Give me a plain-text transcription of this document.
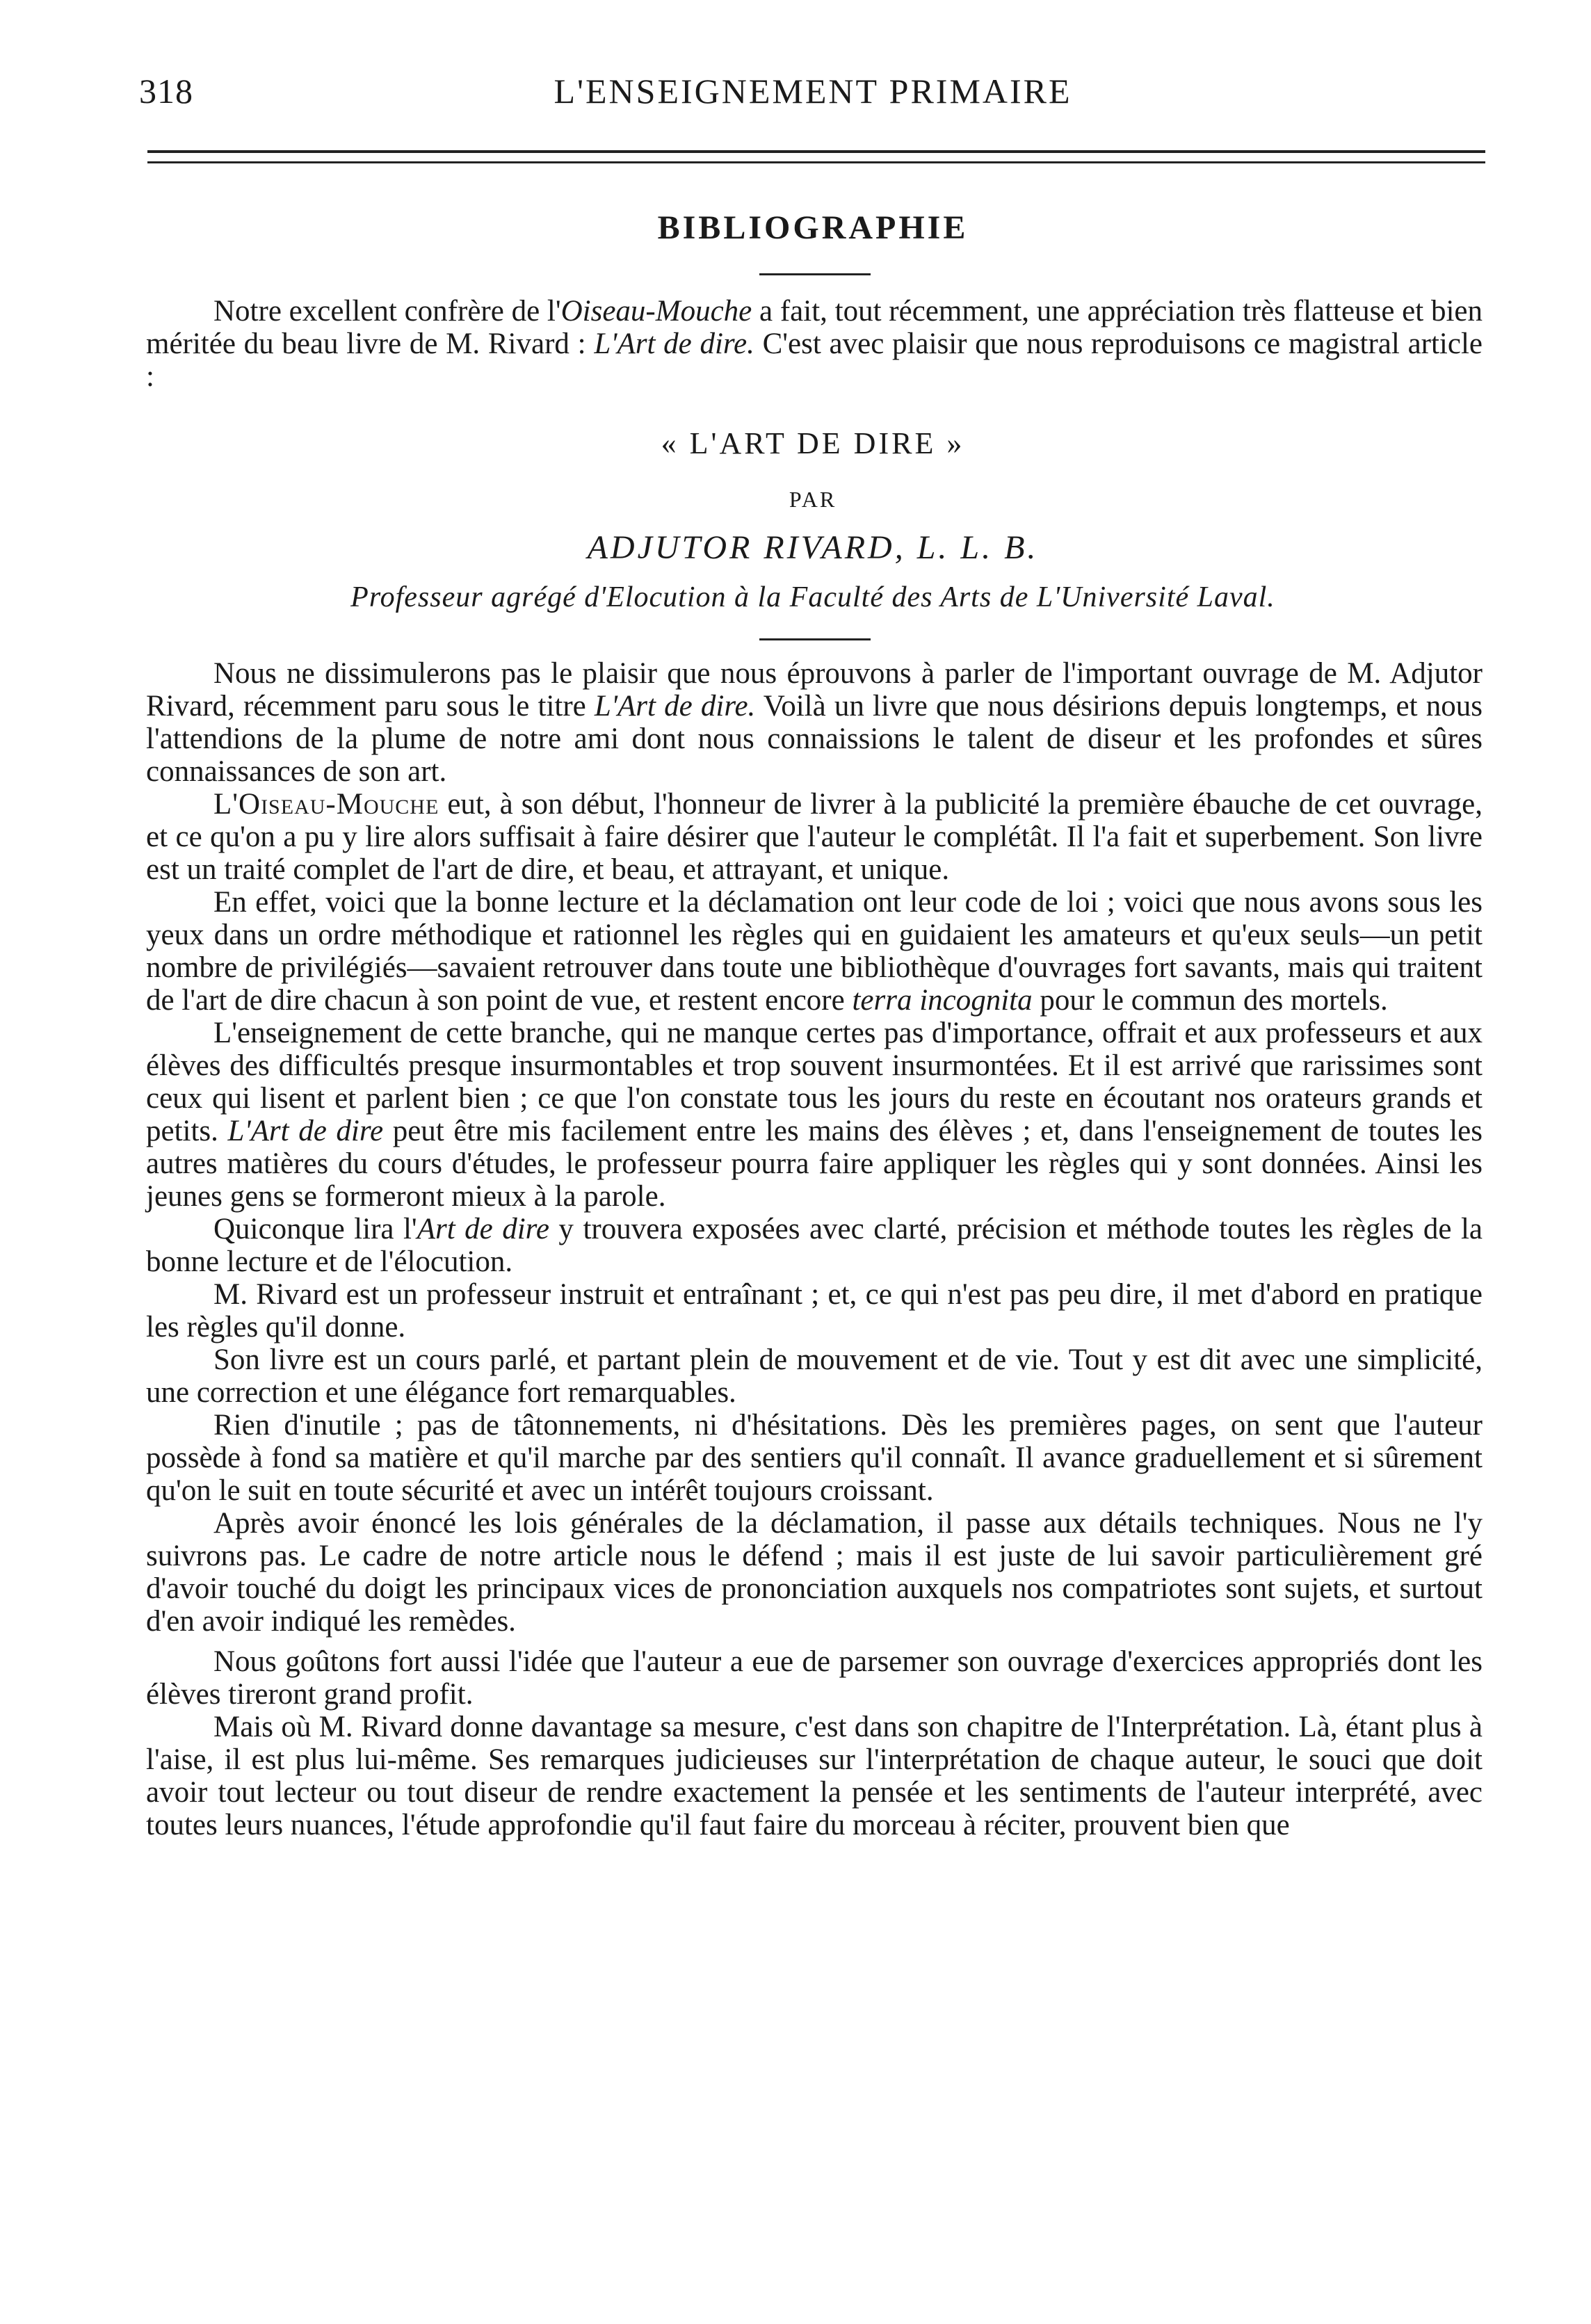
318	L'ENSEIGNEMENT PRIMAIRE
BIBLIOGRAPHIE

Notre excellent confrère de l'Oiseau-Mouche a fait, tout récemment, une appréciation très flatteuse et bien méritée du beau livre de M. Rivard : L'Art de dire. C'est avec plaisir que nous reproduisons ce magistral article :

« L'ART DE DIRE »
PAR
ADJUTOR RIVARD, L. L. B.
Professeur agrégé d'Elocution à la Faculté des Arts de L'Université Laval.

Nous ne dissimulerons pas le plaisir que nous éprouvons à parler de l'important ouvrage de M. Adjutor Rivard, récemment paru sous le titre L'Art de dire. Voilà un livre que nous désirions depuis longtemps, et nous l'attendions de la plume de notre ami dont nous connaissions le talent de diseur et les profondes et sûres connaissances de son art.

L'Oiseau-Mouche eut, à son début, l'honneur de livrer à la publicité la première ébauche de cet ouvrage, et ce qu'on a pu y lire alors suffisait à faire désirer que l'auteur le complétât. Il l'a fait et superbement. Son livre est un traité complet de l'art de dire, et beau, et attrayant, et unique.

En effet, voici que la bonne lecture et la déclamation ont leur code de loi ; voici que nous avons sous les yeux dans un ordre méthodique et rationnel les règles qui en guidaient les amateurs et qu'eux seuls—un petit nombre de privilégiés—savaient retrouver dans toute une bibliothèque d'ouvrages fort savants, mais qui traitent de l'art de dire chacun à son point de vue, et restent encore terra incognita pour le commun des mortels.

L'enseignement de cette branche, qui ne manque certes pas d'importance, offrait et aux professeurs et aux élèves des difficultés presque insurmontables et trop souvent insurmontées. Et il est arrivé que rarissimes sont ceux qui lisent et parlent bien ; ce que l'on constate tous les jours du reste en écoutant nos orateurs grands et petits. L'Art de dire peut être mis facilement entre les mains des élèves ; et, dans l'enseignement de toutes les autres matières du cours d'études, le professeur pourra faire appliquer les règles qui y sont données. Ainsi les jeunes gens se formeront mieux à la parole.

Quiconque lira l'Art de dire y trouvera exposées avec clarté, précision et méthode toutes les règles de la bonne lecture et de l'élocution.

M. Rivard est un professeur instruit et entraînant ; et, ce qui n'est pas peu dire, il met d'abord en pratique les règles qu'il donne.

Son livre est un cours parlé, et partant plein de mouvement et de vie. Tout y est dit avec une simplicité, une correction et une élégance fort remarquables.

Rien d'inutile ; pas de tâtonnements, ni d'hésitations. Dès les premières pages, on sent que l'auteur possède à fond sa matière et qu'il marche par des sentiers qu'il connaît. Il avance graduellement et si sûrement qu'on le suit en toute sécurité et avec un intérêt toujours croissant.

Après avoir énoncé les lois générales de la déclamation, il passe aux détails techniques. Nous ne l'y suivrons pas. Le cadre de notre article nous le défend ; mais il est juste de lui savoir particulièrement gré d'avoir touché du doigt les principaux vices de prononciation auxquels nos compatriotes sont sujets, et surtout d'en avoir indiqué les remèdes.

Nous goûtons fort aussi l'idée que l'auteur a eue de parsemer son ouvrage d'exercices appropriés dont les élèves tireront grand profit.

Mais où M. Rivard donne davantage sa mesure, c'est dans son chapitre de l'Interprétation. Là, étant plus à l'aise, il est plus lui-même. Ses remarques judicieuses sur l'interprétation de chaque auteur, le souci que doit avoir tout lecteur ou tout diseur de rendre exactement la pensée et les sentiments de l'auteur interprété, avec toutes leurs nuances, l'étude approfondie qu'il faut faire du morceau à réciter, prouvent bien que
